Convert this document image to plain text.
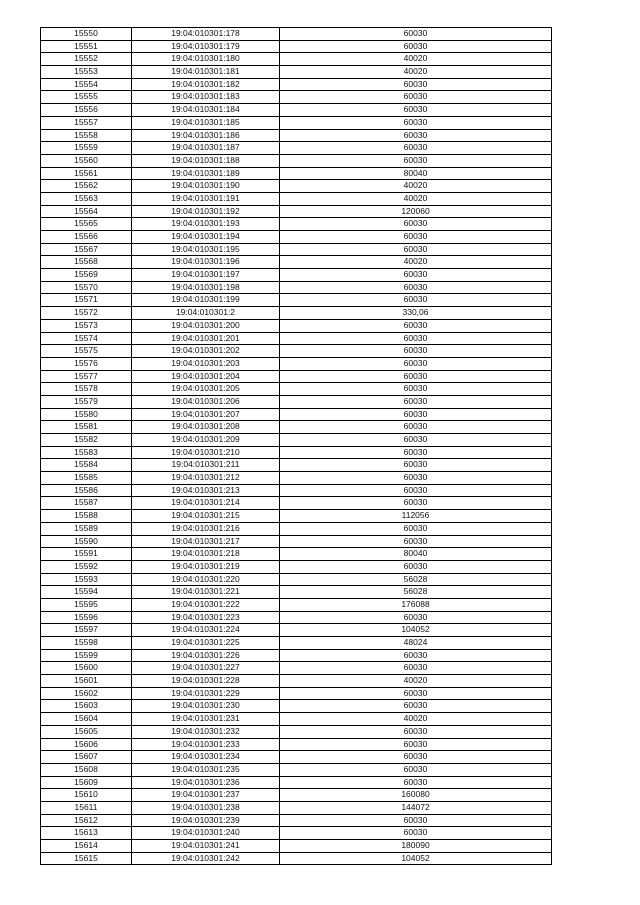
15550	19:04:010301:178	60030
15551	19:04:010301:179	60030
15552	19:04:010301:180	40020
15553	19:04:010301:181	40020
15554	19:04:010301:182	60030
15555	19:04:010301:183	60030
15556	19:04:010301:184	60030
15557	19:04:010301:185	60030
15558	19:04:010301:186	60030
15559	19:04:010301:187	60030
15560	19:04:010301:188	60030
15561	19:04:010301:189	80040
15562	19:04:010301:190	40020
15563	19:04:010301:191	40020
15564	19:04:010301:192	120060
15565	19:04:010301:193	60030
15566	19:04:010301:194	60030
15567	19:04:010301:195	60030
15568	19:04:010301:196	40020
15569	19:04:010301:197	60030
15570	19:04:010301:198	60030
15571	19:04:010301:199	60030
15572	19:04:010301:2	330,06
15573	19:04:010301:200	60030
15574	19:04:010301:201	60030
15575	19:04:010301:202	60030
15576	19:04:010301:203	60030
15577	19:04:010301:204	60030
15578	19:04:010301:205	60030
15579	19:04:010301:206	60030
15580	19:04:010301:207	60030
15581	19:04:010301:208	60030
15582	19:04:010301:209	60030
15583	19:04:010301:210	60030
15584	19:04:010301:211	60030
15585	19:04:010301:212	60030
15586	19:04:010301:213	60030
15587	19:04:010301:214	60030
15588	19:04:010301:215	112056
15589	19:04:010301:216	60030
15590	19:04:010301:217	60030
15591	19:04:010301:218	80040
15592	19:04:010301:219	60030
15593	19:04:010301:220	56028
15594	19:04:010301:221	56028
15595	19:04:010301:222	176088
15596	19:04:010301:223	60030
15597	19:04:010301:224	104052
15598	19:04:010301:225	48024
15599	19:04:010301:226	60030
15600	19:04:010301:227	60030
15601	19:04:010301:228	40020
15602	19:04:010301:229	60030
15603	19:04:010301:230	60030
15604	19:04:010301:231	40020
15605	19:04:010301:232	60030
15606	19:04:010301:233	60030
15607	19:04:010301:234	60030
15608	19:04:010301:235	60030
15609	19:04:010301:236	60030
15610	19:04:010301:237	160080
15611	19:04:010301:238	144072
15612	19:04:010301:239	60030
15613	19:04:010301:240	60030
15614	19:04:010301:241	180090
15615	19:04:010301:242	104052
